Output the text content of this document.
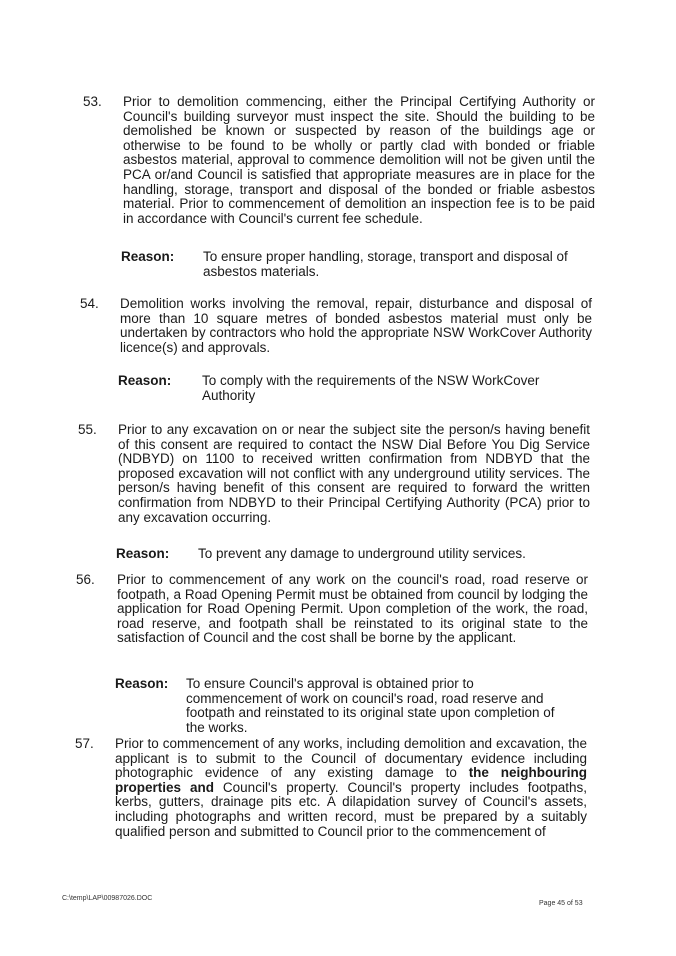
53. Prior to demolition commencing, either the Principal Certifying Authority or Council's building surveyor must inspect the site. Should the building to be demolished be known or suspected by reason of the buildings age or otherwise to be found to be wholly or partly clad with bonded or friable asbestos material, approval to commence demolition will not be given until the PCA or/and Council is satisfied that appropriate measures are in place for the handling, storage, transport and disposal of the bonded or friable asbestos material. Prior to commencement of demolition an inspection fee is to be paid in accordance with Council's current fee schedule.
Reason: To ensure proper handling, storage, transport and disposal of asbestos materials.
54. Demolition works involving the removal, repair, disturbance and disposal of more than 10 square metres of bonded asbestos material must only be undertaken by contractors who hold the appropriate NSW WorkCover Authority licence(s) and approvals.
Reason: To comply with the requirements of the NSW WorkCover Authority
55. Prior to any excavation on or near the subject site the person/s having benefit of this consent are required to contact the NSW Dial Before You Dig Service (NDBYD) on 1100 to received written confirmation from NDBYD that the proposed excavation will not conflict with any underground utility services. The person/s having benefit of this consent are required to forward the written confirmation from NDBYD to their Principal Certifying Authority (PCA) prior to any excavation occurring.
Reason: To prevent any damage to underground utility services.
56. Prior to commencement of any work on the council's road, road reserve or footpath, a Road Opening Permit must be obtained from council by lodging the application for Road Opening Permit. Upon completion of the work, the road, road reserve, and footpath shall be reinstated to its original state to the satisfaction of Council and the cost shall be borne by the applicant.
Reason: To ensure Council's approval is obtained prior to commencement of work on council's road, road reserve and footpath and reinstated to its original state upon completion of the works.
57. Prior to commencement of any works, including demolition and excavation, the applicant is to submit to the Council of documentary evidence including photographic evidence of any existing damage to the neighbouring properties and Council's property. Council's property includes footpaths, kerbs, gutters, drainage pits etc. A dilapidation survey of Council's assets, including photographs and written record, must be prepared by a suitably qualified person and submitted to Council prior to the commencement of
C:\temp\LAP\00987026.DOC
Page 45 of 53
